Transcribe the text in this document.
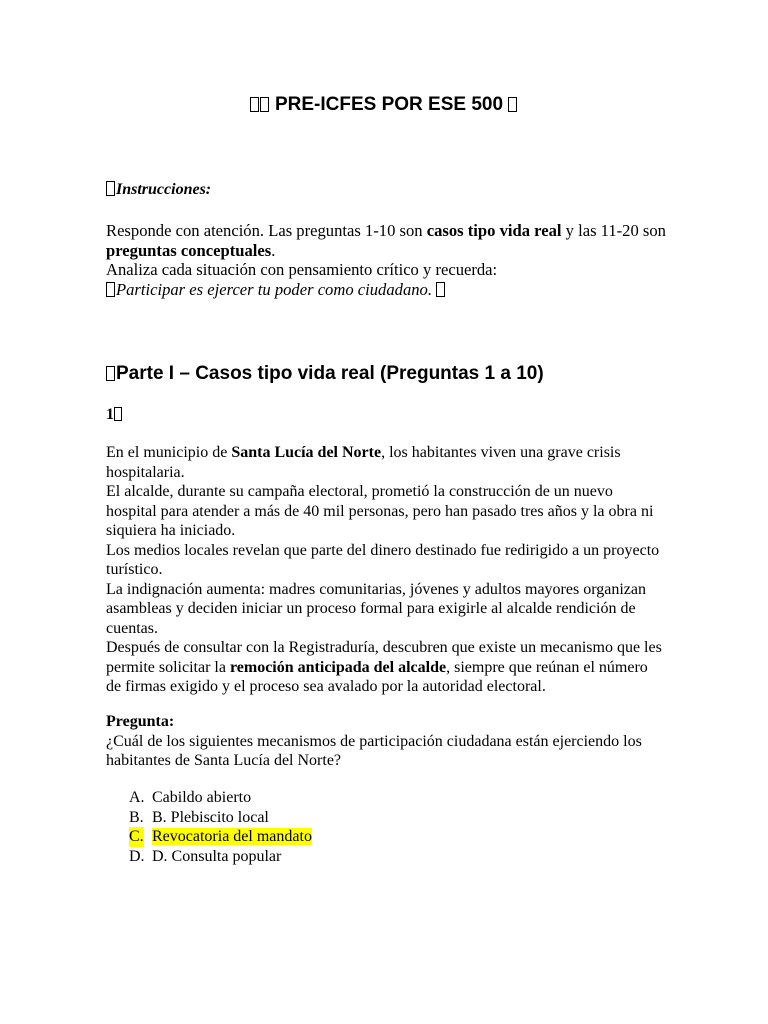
PRE-ICFES POR ESE 500
Instrucciones:
Responde con atención. Las preguntas 1-10 son casos tipo vida real y las 11-20 son preguntas conceptuales.
Analiza cada situación con pensamiento crítico y recuerda:
Participar es ejercer tu poder como ciudadano.
Parte I – Casos tipo vida real (Preguntas 1 a 10)
1
En el municipio de Santa Lucía del Norte, los habitantes viven una grave crisis hospitalaria.
El alcalde, durante su campaña electoral, prometió la construcción de un nuevo hospital para atender a más de 40 mil personas, pero han pasado tres años y la obra ni siquiera ha iniciado.
Los medios locales revelan que parte del dinero destinado fue redirigido a un proyecto turístico.
La indignación aumenta: madres comunitarias, jóvenes y adultos mayores organizan asambleas y deciden iniciar un proceso formal para exigirle al alcalde rendición de cuentas.
Después de consultar con la Registraduría, descubren que existe un mecanismo que les permite solicitar la remoción anticipada del alcalde, siempre que reúnan el número de firmas exigido y el proceso sea avalado por la autoridad electoral.
Pregunta:
¿Cuál de los siguientes mecanismos de participación ciudadana están ejerciendo los habitantes de Santa Lucía del Norte?
A. Cabildo abierto
B. B. Plebiscito local
C. Revocatoria del mandato
D. D. Consulta popular
